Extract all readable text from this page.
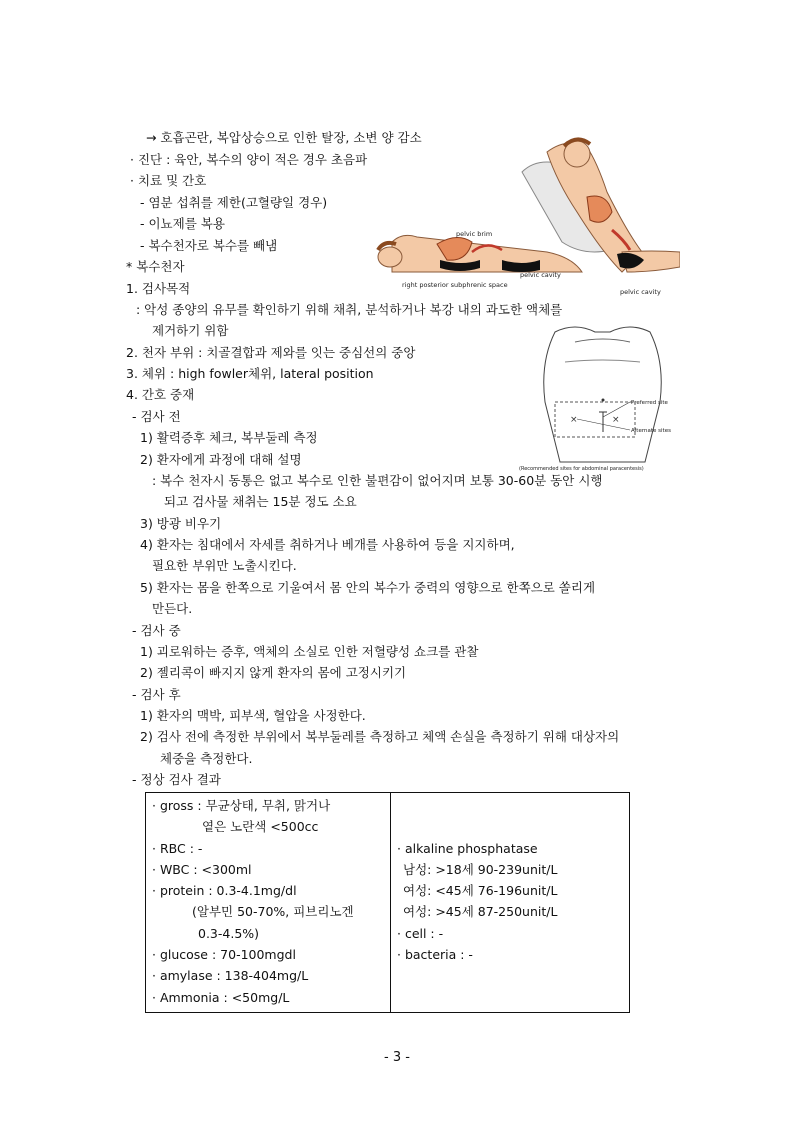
pelvic brim
right posterior subphrenic space
pelvic cavity
pelvic cavity
×	×
Preferred site
Alternate sites
(Recommended sites for abdominal paracentesis)
→ 호흡곤란, 복압상승으로 인한 탈장, 소변 양 감소
· 진단 : 육안, 복수의 양이 적은 경우 초음파
· 치료 및 간호
- 염분 섭취를 제한(고혈량일 경우)
- 이뇨제를 복용
- 복수천자로 복수를 빼냄
* 복수천자
1. 검사목적
: 악성 종양의 유무를 확인하기 위해 채취, 분석하거나 복강 내의 과도한 액체를
제거하기 위함
2. 천자 부위 : 치골결합과 제와를 잇는 중심선의 중앙
3. 체위 : high fowler체위, lateral position
4. 간호 중재
- 검사 전
1) 활력증후 체크, 복부둘레 측정
2) 환자에게 과정에 대해 설명
: 복수 천자시 동통은 없고 복수로 인한 불편감이 없어지며 보통 30-60분 동안 시행
되고 검사물 채취는 15분 정도 소요
3) 방광 비우기
4) 환자는 침대에서 자세를 취하거나 베개를 사용하여 등을 지지하며,
필요한 부위만 노출시킨다.
5) 환자는 몸을 한쪽으로 기울여서 몸 안의 복수가 중력의 영향으로 한쪽으로 쏠리게
만든다.
- 검사 중
1) 괴로워하는 증후, 액체의 소실로 인한 저혈량성 쇼크를 관찰
2) 젤리콕이 빠지지 않게 환자의 몸에 고정시키기
- 검사 후
1) 환자의 맥박, 피부색, 혈압을 사정한다.
2) 검사 전에 측정한 부위에서 복부둘레를 측정하고 체액 손실을 측정하기 위해 대상자의
체중을 측정한다.
- 정상 검사 결과
· gross : 무균상태, 무취, 맑거나
옅은 노란색 <500cc
· RBC : -
· WBC : <300ml
· protein : 0.3-4.1mg/dl
(알부민 50-70%, 피브리노겐
0.3-4.5%)
· glucose : 70-100mgdl
· amylase : 138-404mg/L
· Ammonia : <50mg/L

· alkaline phosphatase
남성: >18세 90-239unit/L
여성: <45세 76-196unit/L
여성: >45세 87-250unit/L
· cell : -
· bacteria : -
- 3 -
